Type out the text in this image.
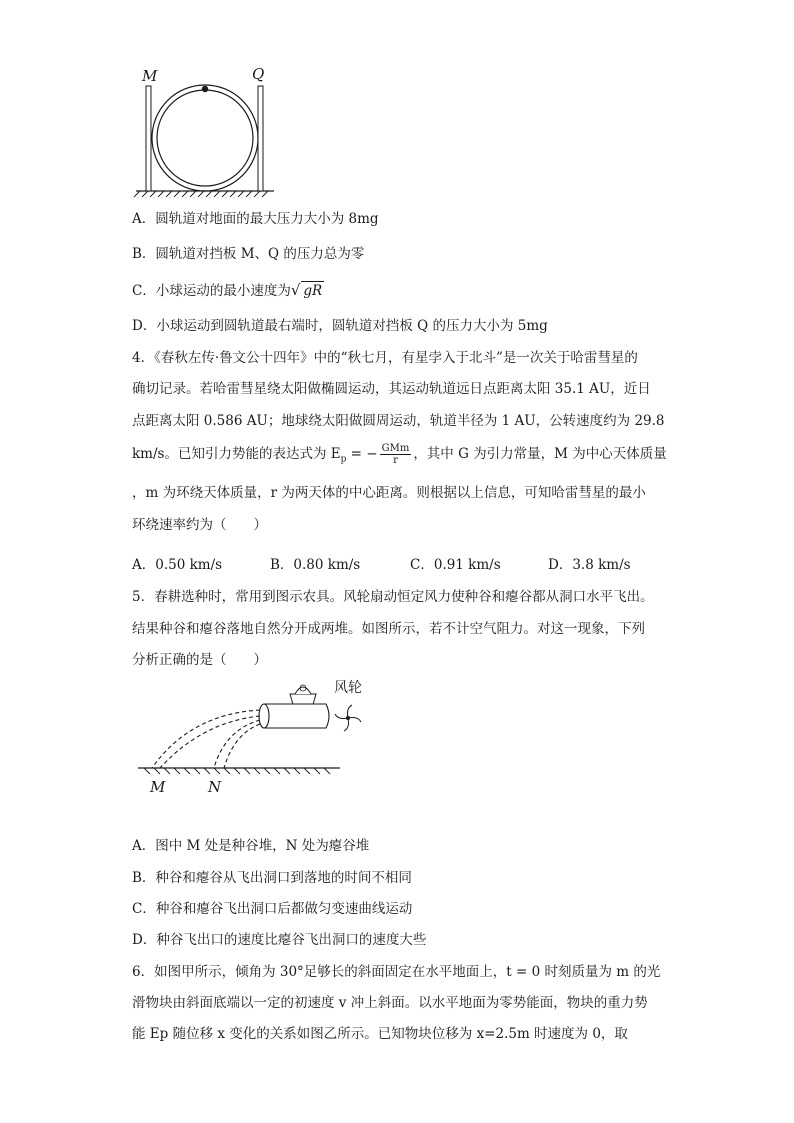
M	Q
A．圆轨道对地面的最大压力大小为 8mg
B．圆轨道对挡板 M、Q 的压力总为零
C．小球运动的最小速度为√ gR
D．小球运动到圆轨道最右端时，圆轨道对挡板 Q 的压力大小为 5mg
4．《春秋左传·鲁文公十四年》中的“秋七月，有星孛入于北斗”是一次关于哈雷彗星的
确切记录。若哈雷彗星绕太阳做椭圆运动，其运动轨道远日点距离太阳 35.1 AU，近日
点距离太阳 0.586 AU；地球绕太阳做圆周运动，轨道半径为 1 AU，公转速度约为 29.8
km/s。已知引力势能的表达式为 $E_p$ = − $\frac{\text{GMm}}{r}$ ，其中 G 为引力常量，M 为中心天体质量
，m 为环绕天体质量，r 为两天体的中心距离。则根据以上信息，可知哈雷彗星的最小
环绕速率约为（　　）
A．0.50 km/s	B．0.80 km/s	C．0.91 km/s	D．3.8 km/s
5．春耕选种时，常用到图示农具。风轮扇动恒定风力使种谷和瘪谷都从洞口水平飞出。
结果种谷和瘪谷落地自然分开成两堆。如图所示，若不计空气阻力。对这一现象，下列
分析正确的是（　　）
风轮
M	N
A．图中 M 处是种谷堆，N 处为瘪谷堆
B．种谷和瘪谷从飞出洞口到落地的时间不相同
C．种谷和瘪谷飞出洞口后都做匀变速曲线运动
D．种谷飞出口的速度比瘪谷飞出洞口的速度大些
6．如图甲所示，倾角为 30°足够长的斜面固定在水平地面上，t = 0 时刻质量为 m 的光
滑物块由斜面底端以一定的初速度 v 冲上斜面。以水平地面为零势能面，物块的重力势
能 Ep 随位移 x 变化的关系如图乙所示。已知物块位移为 x=2.5m 时速度为 0，取
